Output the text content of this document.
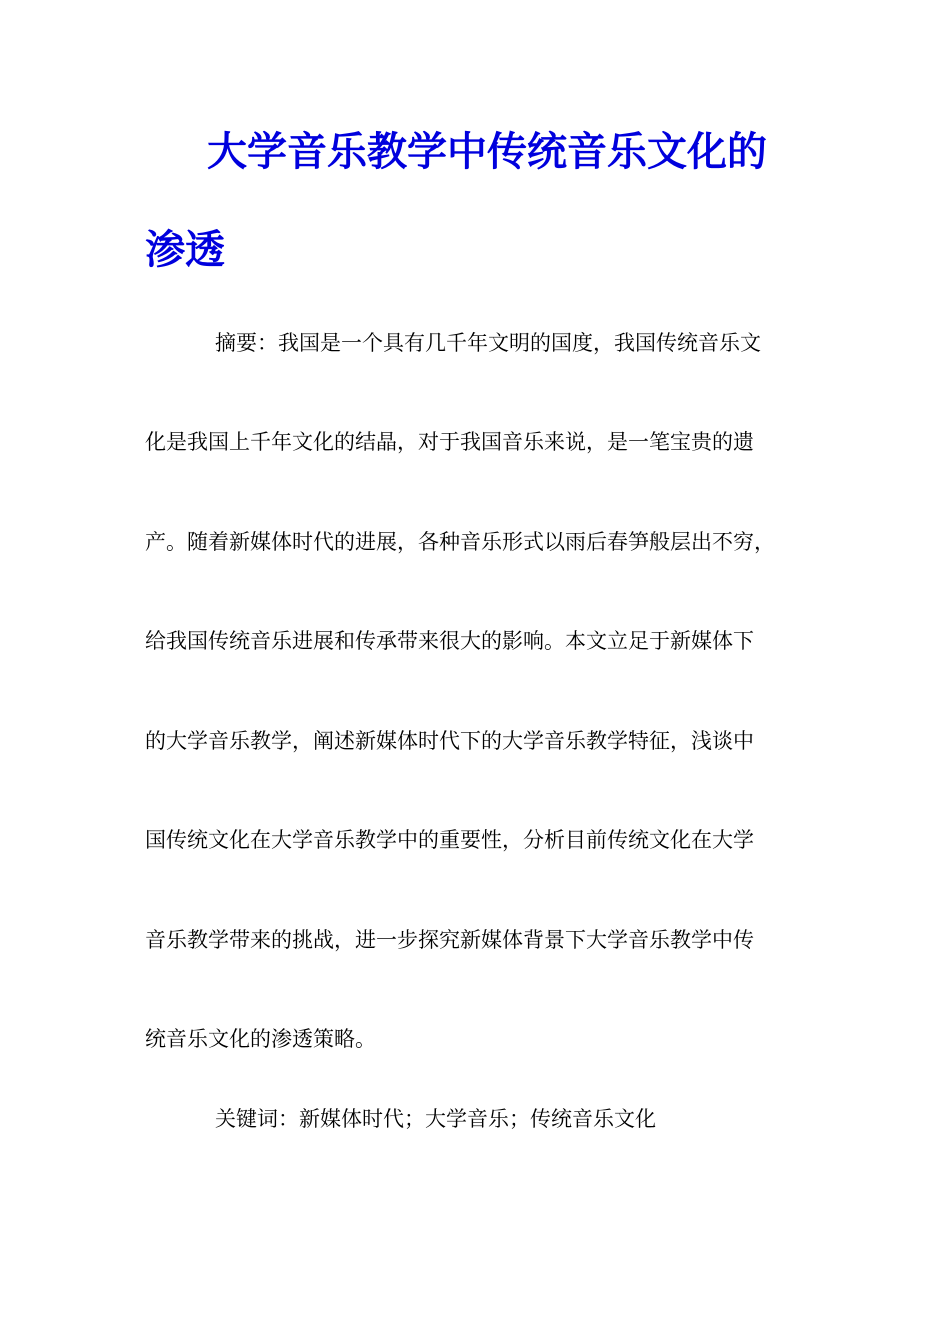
大学音乐教学中传统音乐文化的
渗透

摘要：我国是一个具有几千年文明的国度，我国传统音乐文

化是我国上千年文化的结晶，对于我国音乐来说，是一笔宝贵的遗

产。随着新媒体时代的进展，各种音乐形式以雨后春笋般层出不穷，

给我国传统音乐进展和传承带来很大的影响。本文立足于新媒体下

的大学音乐教学，阐述新媒体时代下的大学音乐教学特征，浅谈中

国传统文化在大学音乐教学中的重要性，分析目前传统文化在大学

音乐教学带来的挑战，进一步探究新媒体背景下大学音乐教学中传

统音乐文化的渗透策略。

关键词：新媒体时代；大学音乐；传统音乐文化
